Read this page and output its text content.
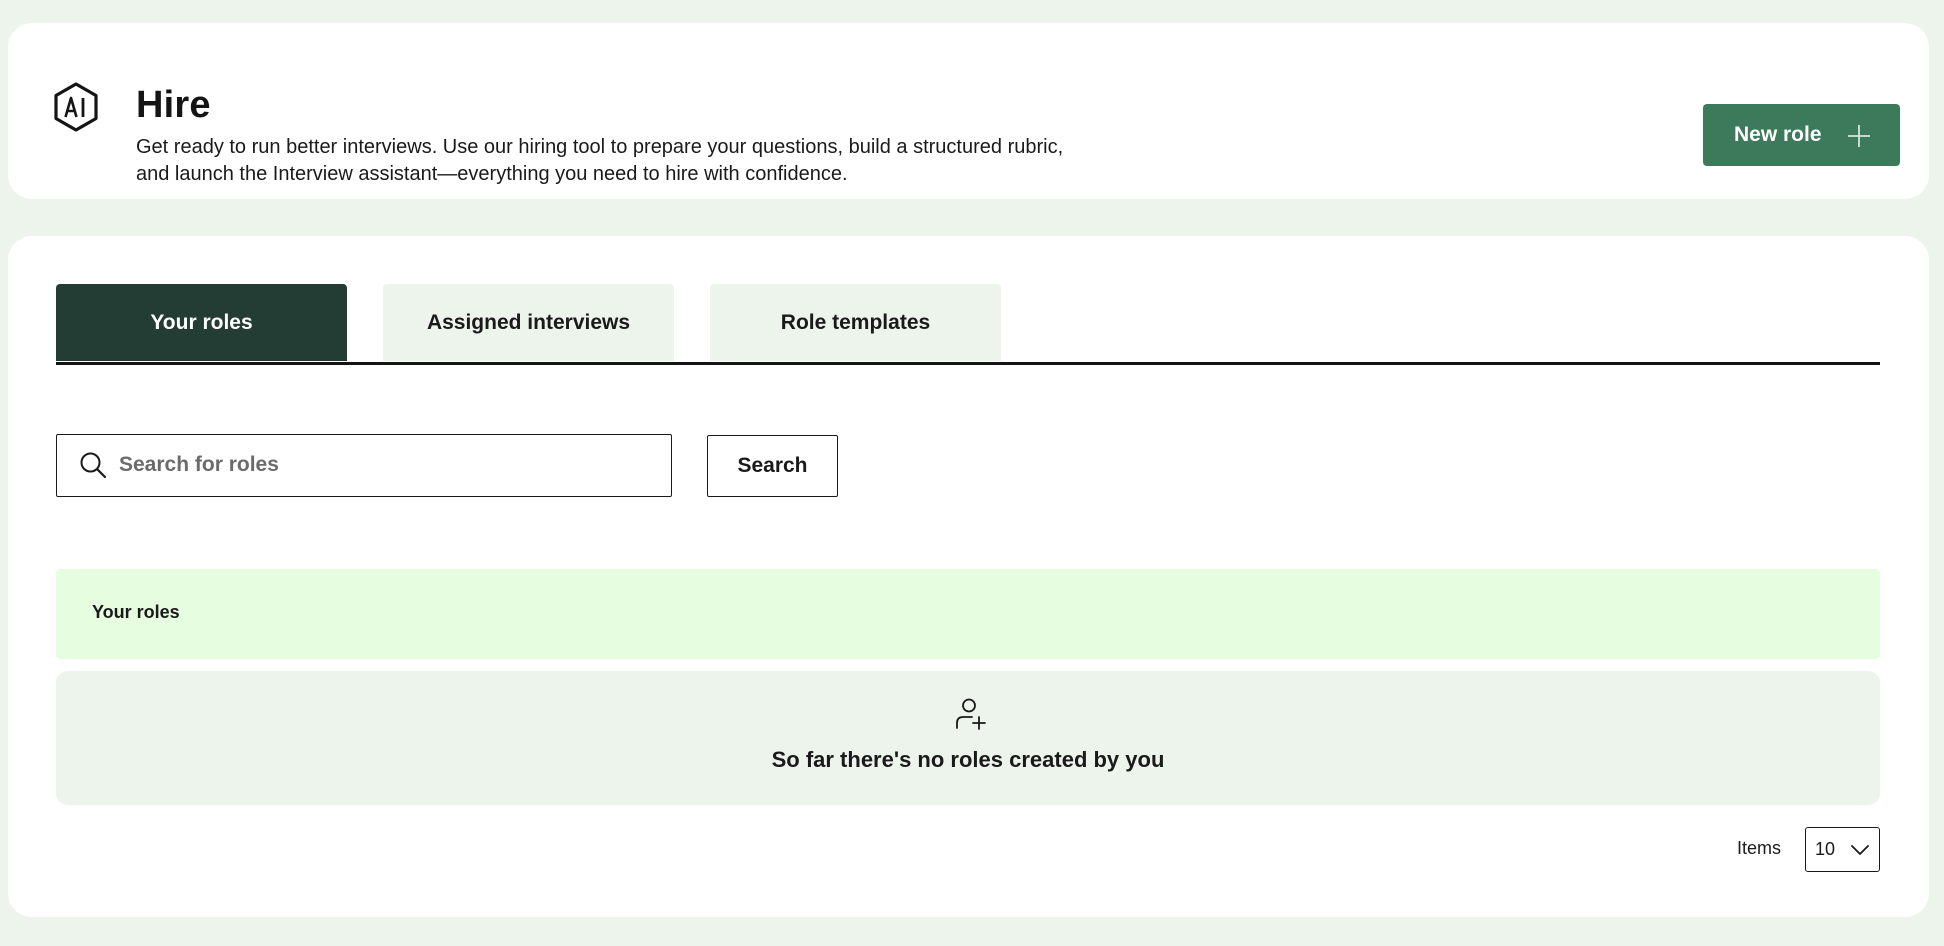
Hire
Get ready to run better interviews. Use our hiring tool to prepare your questions, build a structured rubric, and launch the Interview assistant—everything you need to hire with confidence.
New role
Your roles	Assigned interviews	Role templates
Search for roles
Search
Your roles
So far there's no roles created by you
Items 10
